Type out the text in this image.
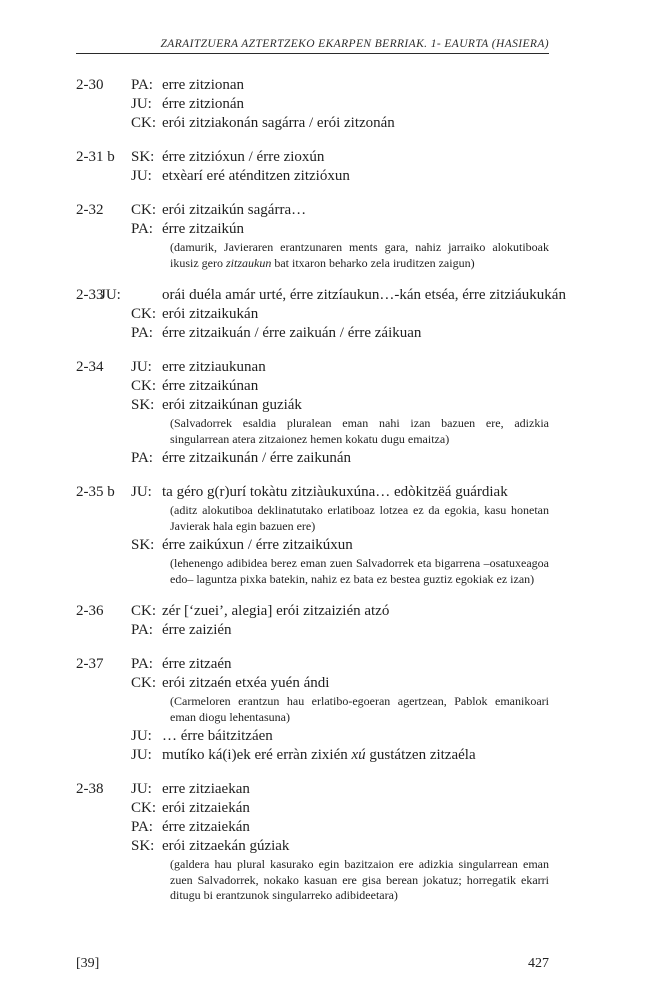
ZARAITZUERA AZTERTZEKO EKARPEN BERRIAK. 1- EAURTA (HASIERA)
2-30 PA: erre zitzionan
JU: érre zitzionán
CK: erói zitziakonán sagárra / erói zitzonán
2-31 b SK: érre zitzióxun / érre zioxún
JU: etxèarí eré aténditzen zitzióxun
2-32 CK: erói zitzaikún sagárra…
PA: érre zitzaikún
(damurik, Javieraren erantzunaren ments gara, nahiz jarraiko alokutiboak ikusiz gero zitzaukun bat itxaron beharko zela iruditzen zaigun)
2-33
JU:	orái duéla amár urté, érre zitzíaukun…-kán etséa, érre zitziáukukán
CK: erói zitzaikukán
PA: érre zitzaikuán / érre zaikuán / érre záikuan
2-34 JU: erre zitziaukunan
CK: érre zitzaikúnan
SK: erói zitzaikúnan guziák
(Salvadorrek esaldia pluralean eman nahi izan bazuen ere, adizkia singularrean atera zitzaionez hemen kokatu dugu emaitza)
PA: érre zitzaikunán / érre zaikunán
2-35 b JU: ta géro g(r)urí tokàtu zitziàukuxúna… edòkitzëá guárdiak
(aditz alokutiboa deklinatutako erlatiboaz lotzea ez da egokia, kasu honetan Javierak hala egin bazuen ere)
SK: érre zaikúxun / érre zitzaikúxun
(lehenengo adibidea berez eman zuen Salvadorrek eta bigarrena –osatuxeagoa edo– laguntza pixka batekin, nahiz ez bata ez bestea guztiz egokiak ez izan)
2-36 CK: zér [‘zuei’, alegia] erói zitzaizién atzó
PA: érre zaizién
2-37 PA: érre zitzaén
CK: erói zitzaén etxéa yuén ándi
(Carmeloren erantzun hau erlatibo-egoeran agertzean, Pablok emanikoari eman diogu lehentasuna)
JU: … érre báitzitzáen
JU: mutíko ká(i)ek eré erràn zixién xú gustátzen zitzaéla
2-38 JU: erre zitziaekan
CK: erói zitzaiekán
PA: érre zitzaiekán
SK: erói zitzaekán gúziak
(galdera hau plural kasurako egin bazitzaion ere adizkia singularrean eman zuen Salvadorrek, nokako kasuan ere gisa berean jokatuz; horregatik ekarri ditugu bi erantzunok singularreko adibideetara)
[39]	427
